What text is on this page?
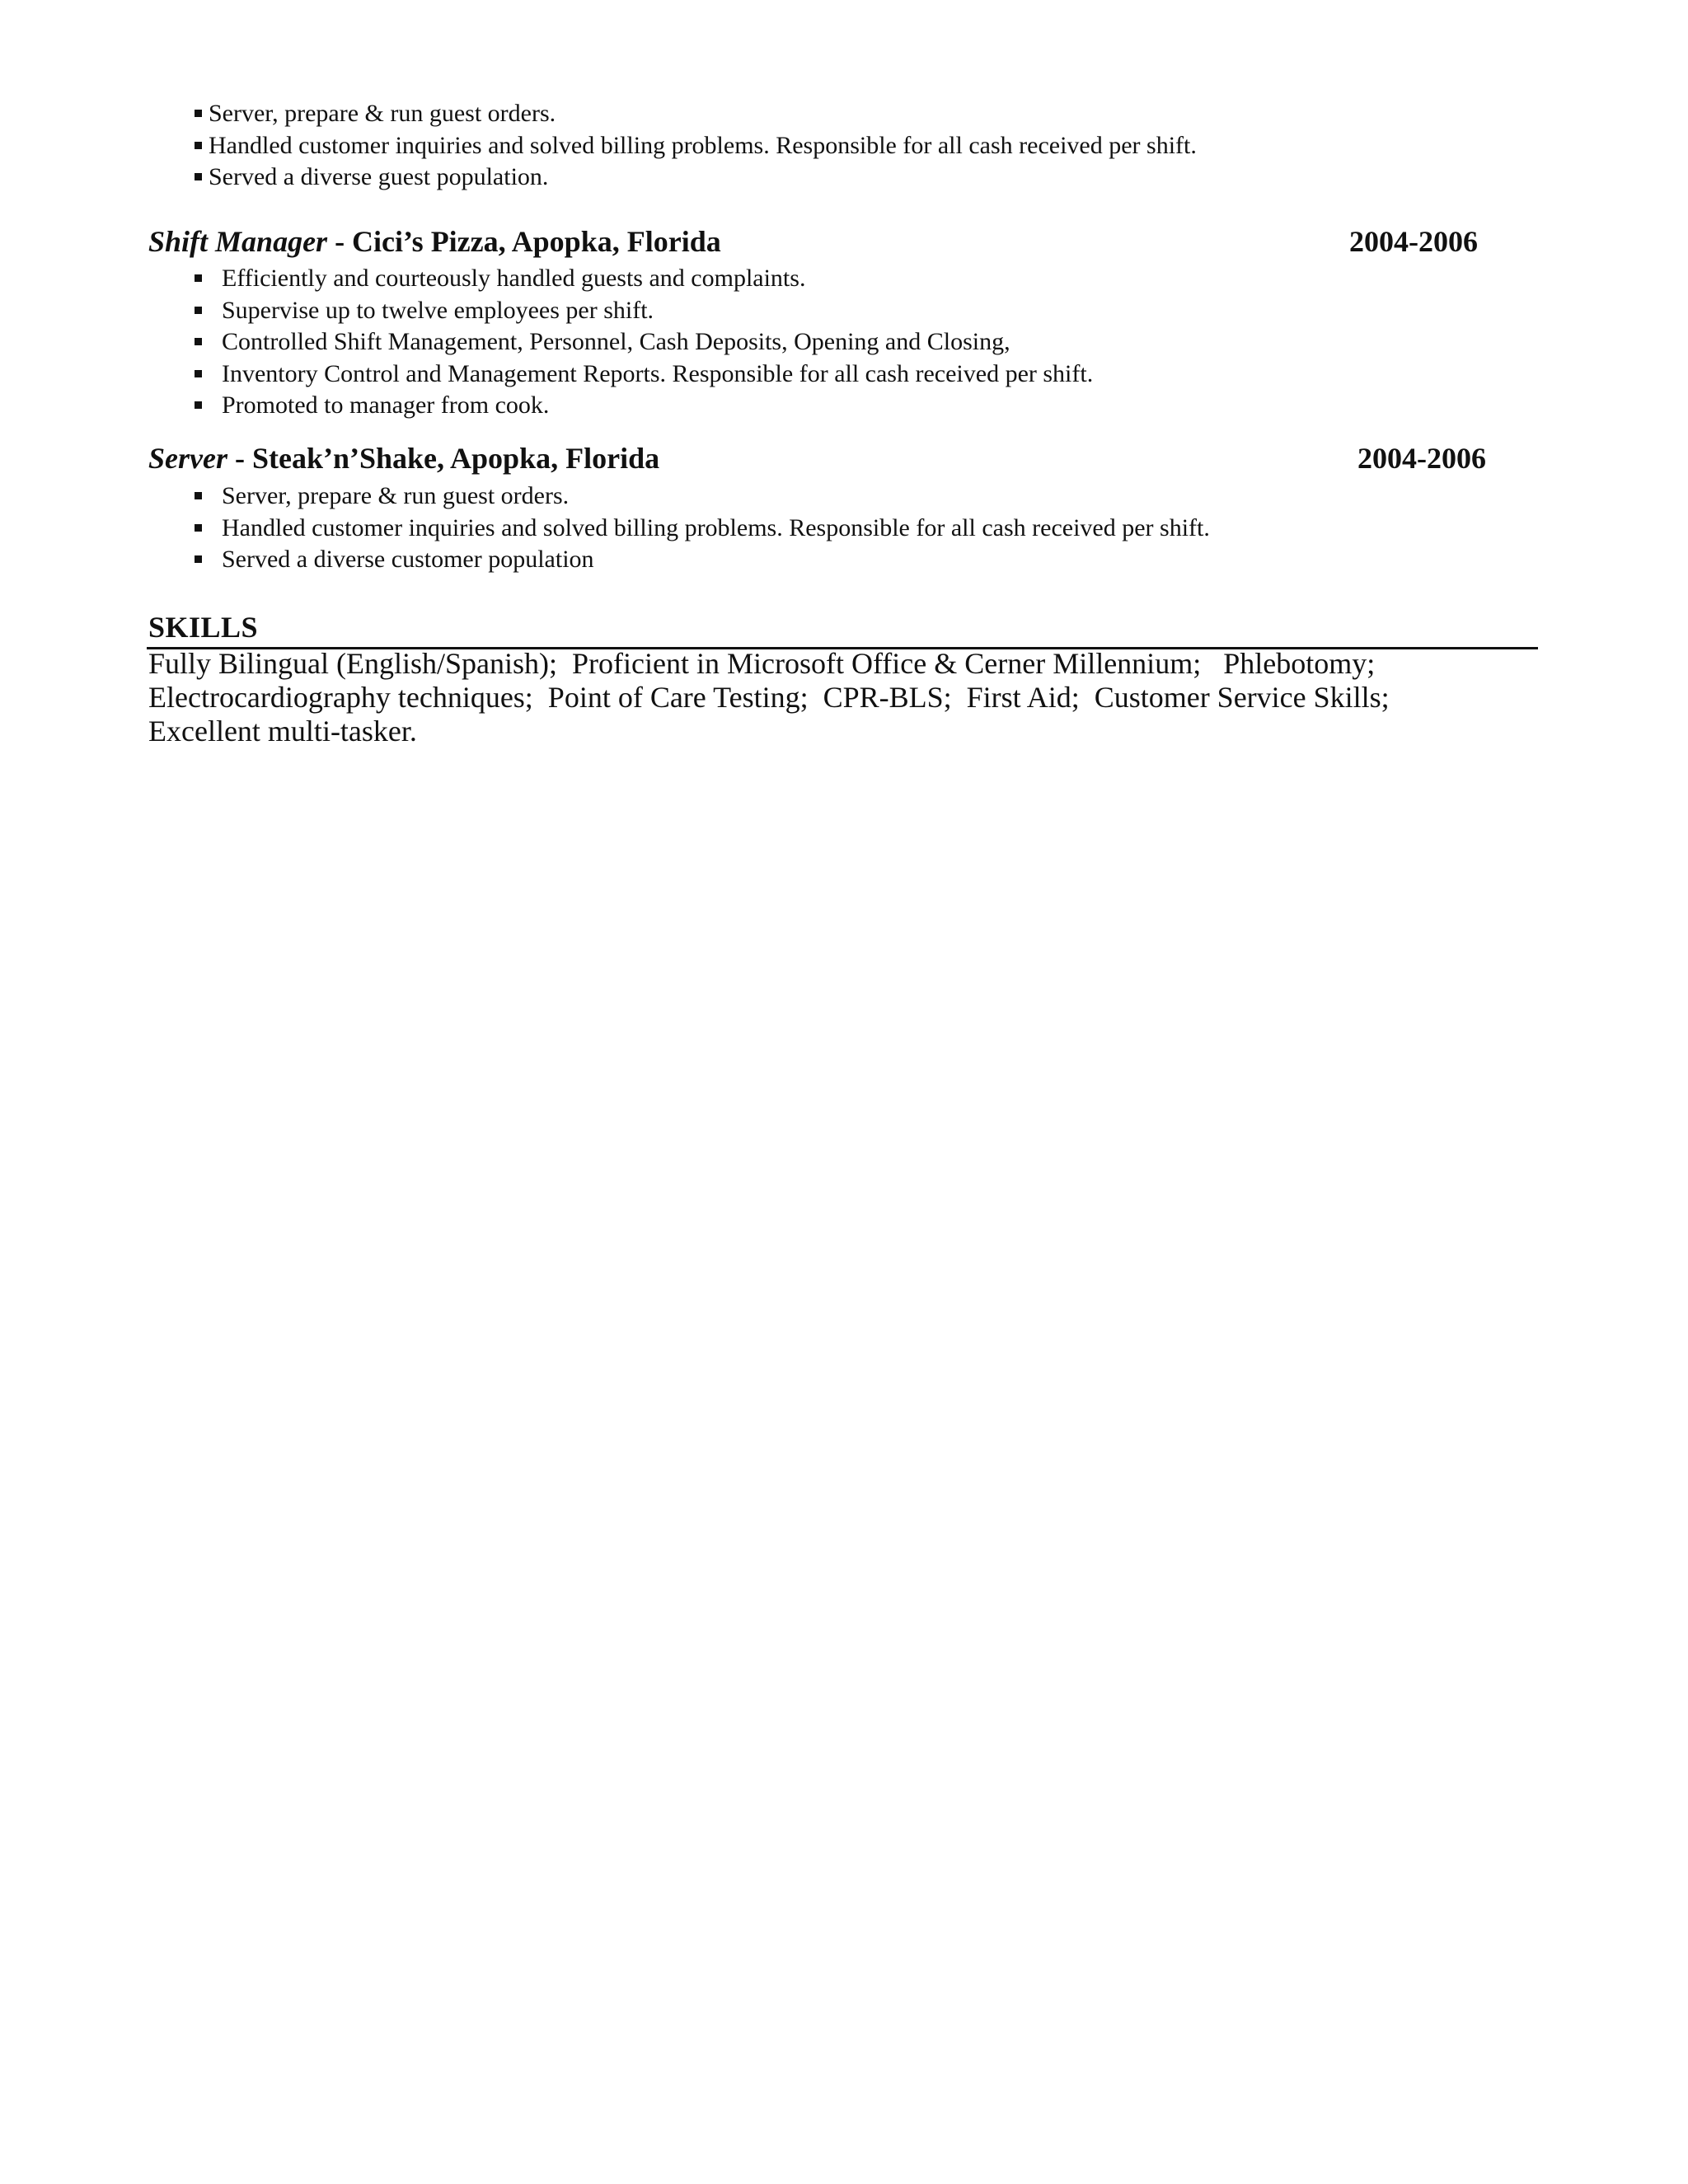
Server, prepare & run guest orders.
Handled customer inquiries and solved billing problems. Responsible for all cash received per shift.
Served a diverse guest population.
Shift Manager - Cici’s Pizza, Apopka, Florida	2004-2006
Efficiently and courteously handled guests and complaints.
Supervise up to twelve employees per shift.
Controlled Shift Management, Personnel, Cash Deposits, Opening and Closing,
Inventory Control and Management Reports. Responsible for all cash received per shift.
Promoted to manager from cook.
Server - Steak’n’Shake, Apopka, Florida	2004-2006
Server, prepare & run guest orders.
Handled customer inquiries and solved billing problems. Responsible for all cash received per shift.
Served a diverse customer population
SKILLS
Fully Bilingual (English/Spanish);  Proficient in Microsoft Office & Cerner Millennium;   Phlebotomy;
Electrocardiography techniques;  Point of Care Testing;  CPR-BLS;  First Aid;  Customer Service Skills;
Excellent multi-tasker.
